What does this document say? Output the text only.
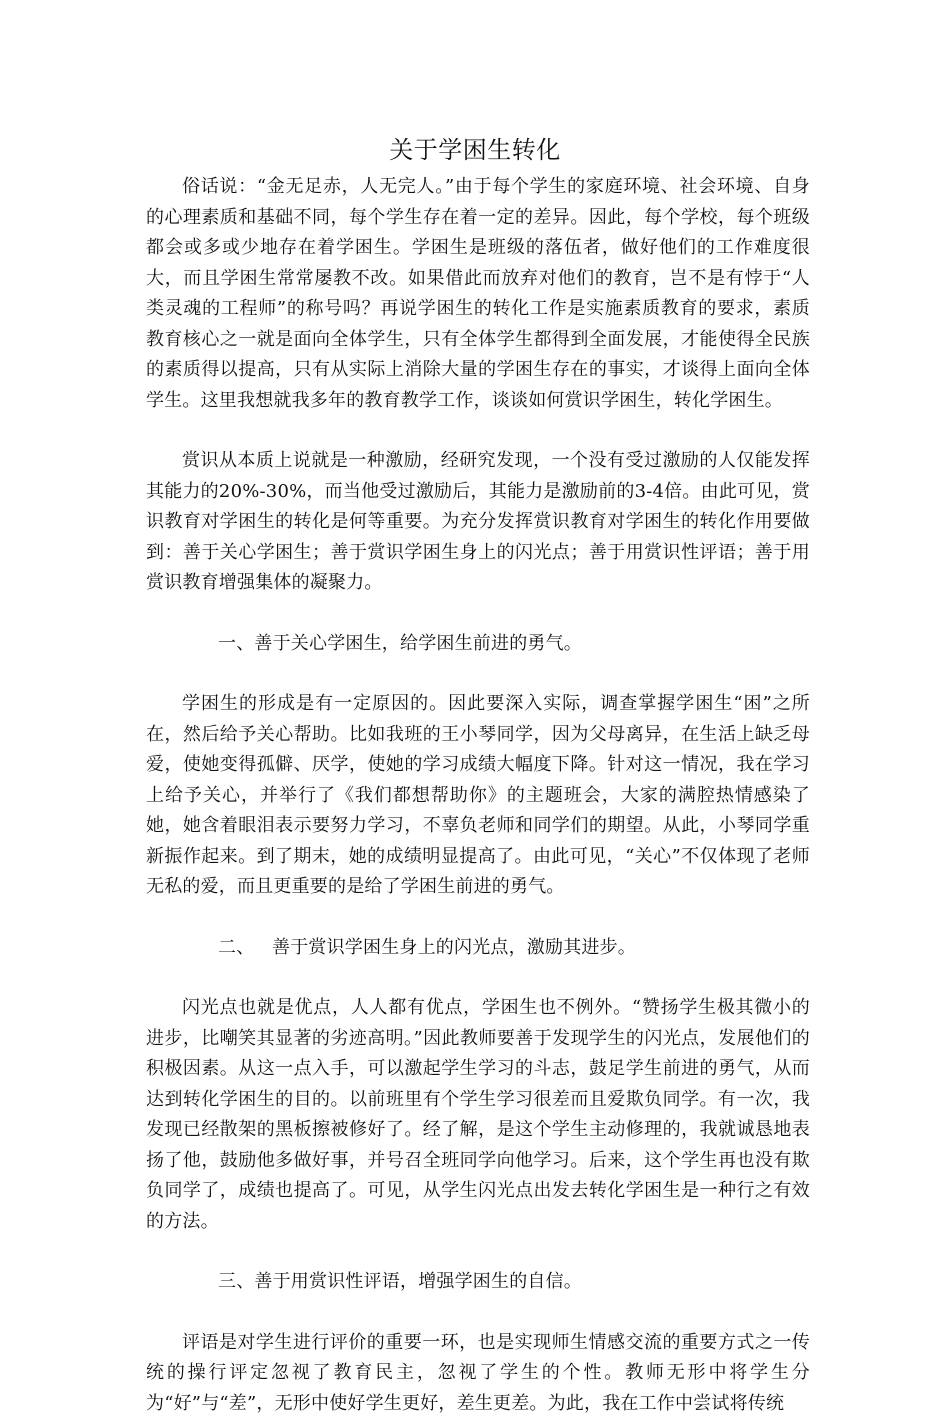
关于学困生转化

俗话说：“金无足赤，人无完人。”由于每个学生的家庭环境、社会环境、自身的心理素质和基础不同，每个学生存在着一定的差异。因此，每个学校，每个班级都会或多或少地存在着学困生。学困生是班级的落伍者，做好他们的工作难度很大，而且学困生常常屡教不改。如果借此而放弃对他们的教育，岂不是有悖于“人类灵魂的工程师”的称号吗？再说学困生的转化工作是实施素质教育的要求，素质教育核心之一就是面向全体学生，只有全体学生都得到全面发展，才能使得全民族的素质得以提高，只有从实际上消除大量的学困生存在的事实，才谈得上面向全体学生。这里我想就我多年的教育教学工作，谈谈如何赏识学困生，转化学困生。

赏识从本质上说就是一种激励，经研究发现，一个没有受过激励的人仅能发挥其能力的20%-30%，而当他受过激励后，其能力是激励前的3-4倍。由此可见，赏识教育对学困生的转化是何等重要。为充分发挥赏识教育对学困生的转化作用要做到：善于关心学困生；善于赏识学困生身上的闪光点；善于用赏识性评语；善于用赏识教育增强集体的凝聚力。

一、善于关心学困生，给学困生前进的勇气。

学困生的形成是有一定原因的。因此要深入实际，调查掌握学困生“困”之所在，然后给予关心帮助。比如我班的王小琴同学，因为父母离异，在生活上缺乏母爱，使她变得孤僻、厌学，使她的学习成绩大幅度下降。针对这一情况，我在学习上给予关心，并举行了《我们都想帮助你》的主题班会，大家的满腔热情感染了她，她含着眼泪表示要努力学习，不辜负老师和同学们的期望。从此，小琴同学重新振作起来。到了期末，她的成绩明显提高了。由此可见，“关心”不仅体现了老师无私的爱，而且更重要的是给了学困生前进的勇气。

二、 善于赏识学困生身上的闪光点，激励其进步。

闪光点也就是优点，人人都有优点，学困生也不例外。“赞扬学生极其微小的进步，比嘲笑其显著的劣迹高明。”因此教师要善于发现学生的闪光点，发展他们的积极因素。从这一点入手，可以激起学生学习的斗志，鼓足学生前进的勇气，从而达到转化学困生的目的。以前班里有个学生学习很差而且爱欺负同学。有一次，我发现已经散架的黑板擦被修好了。经了解，是这个学生主动修理的，我就诚恳地表扬了他，鼓励他多做好事，并号召全班同学向他学习。后来，这个学生再也没有欺负同学了，成绩也提高了。可见，从学生闪光点出发去转化学困生是一种行之有效的方法。

三、善于用赏识性评语，增强学困生的自信。

评语是对学生进行评价的重要一环，也是实现师生情感交流的重要方式之一传统的操行评定忽视了教育民主，忽视了学生的个性。教师无形中将学生分为“好”与“差”，无形中使好学生更好，差生更差。为此，我在工作中尝试将传统
